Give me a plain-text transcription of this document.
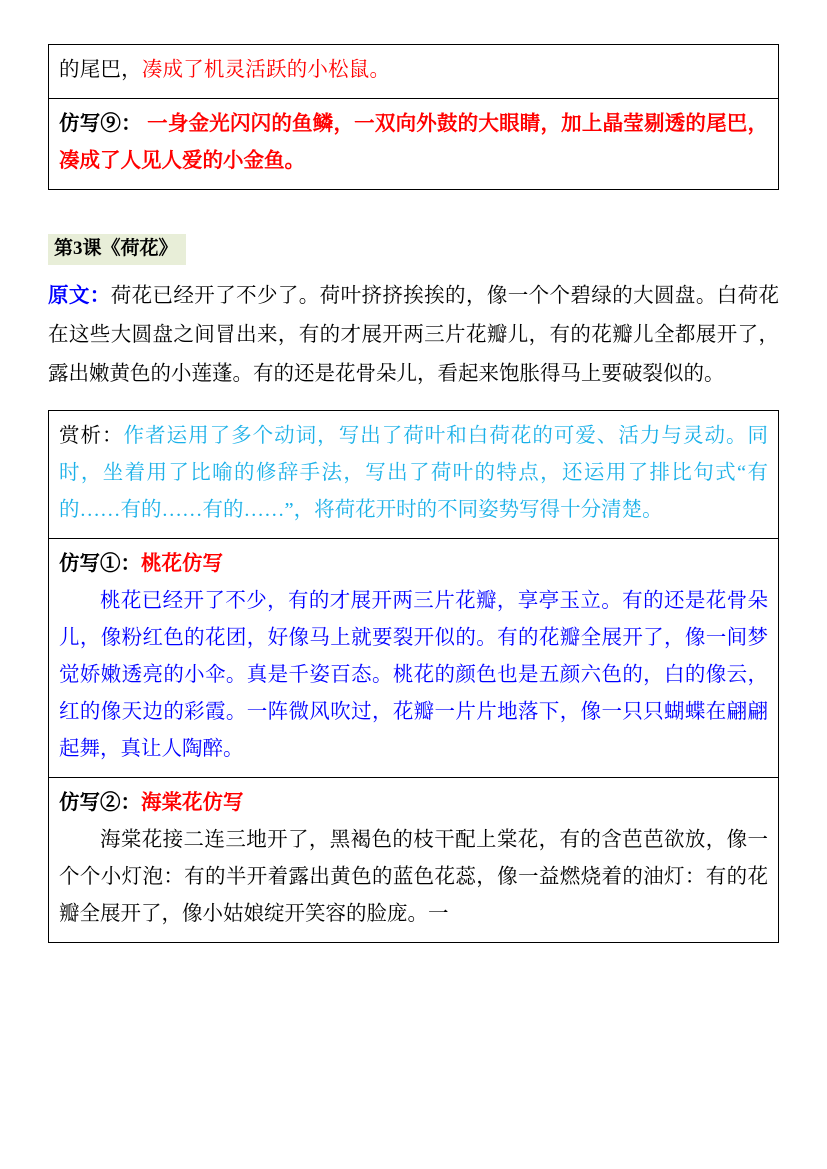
的尾巴，凑成了机灵活跃的小松鼠。
仿写⑨： 一身金光闪闪的鱼鳞，一双向外鼓的大眼睛，加上晶莹剔透的尾巴，凑成了人见人爱的小金鱼。
第3课《荷花》
原文：荷花已经开了不少了。荷叶挤挤挨挨的，像一个个碧绿的大圆盘。白荷花在这些大圆盘之间冒出来，有的才展开两三片花瓣儿，有的花瓣儿全都展开了，露出嫩黄色的小莲蓬。有的还是花骨朵儿，看起来饱胀得马上要破裂似的。
赏析：作者运用了多个动词，写出了荷叶和白荷花的可爱、活力与灵动。同时，坐着用了比喻的修辞手法，写出了荷叶的特点，还运用了排比句式“有的……有的……有的……”，将荷花开时的不同姿势写得十分清楚。
仿写①：桃花仿写
桃花已经开了不少，有的才展开两三片花瓣，享亭玉立。有的还是花骨朵儿，像粉红色的花团，好像马上就要裂开似的。有的花瓣全展开了，像一间梦觉娇嫩透亮的小伞。真是千姿百态。桃花的颜色也是五颜六色的，白的像云，红的像天边的彩霞。一阵微风吹过，花瓣一片片地落下，像一只只蝴蝶在翩翩起舞，真让人陶醉。
仿写②：海棠花仿写
海棠花接二连三地开了，黑褐色的枝干配上棠花，有的含芭芭欲放，像一个个小灯泡：有的半开着露出黄色的蓝色花蕊，像一益燃烧着的油灯：有的花瓣全展开了，像小姑娘绽开笑容的脸庞。一
